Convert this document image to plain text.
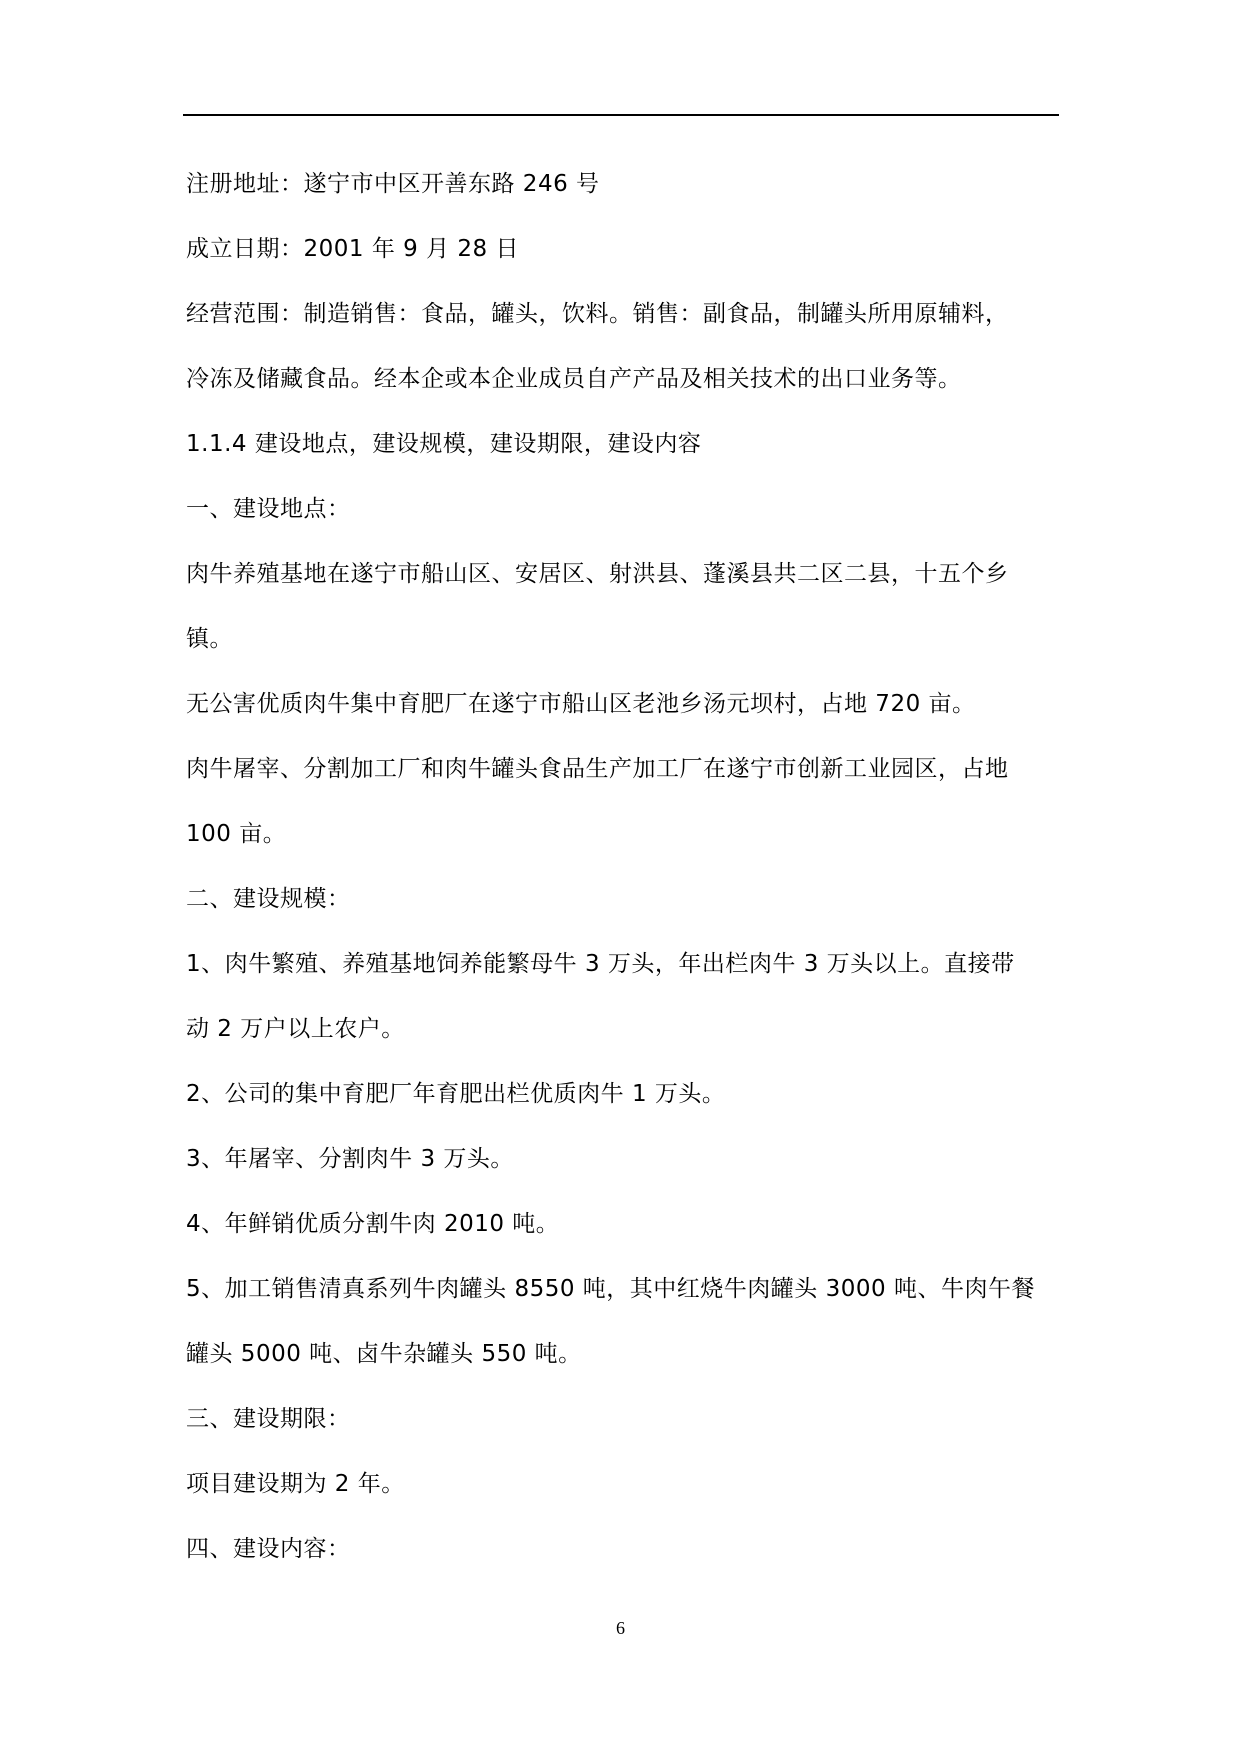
注册地址：遂宁市中区开善东路 246 号
成立日期：2001 年 9 月 28 日
经营范围：制造销售：食品，罐头，饮料。销售：副食品，制罐头所用原辅料，
冷冻及储藏食品。经本企或本企业成员自产产品及相关技术的出口业务等。
1.1.4 建设地点，建设规模，建设期限，建设内容
一、建设地点：
肉牛养殖基地在遂宁市船山区、安居区、射洪县、蓬溪县共二区二县，十五个乡
镇。
无公害优质肉牛集中育肥厂在遂宁市船山区老池乡汤元坝村，占地 720 亩。
肉牛屠宰、分割加工厂和肉牛罐头食品生产加工厂在遂宁市创新工业园区，占地
100 亩。
二、建设规模：
1、肉牛繁殖、养殖基地饲养能繁母牛 3 万头，年出栏肉牛 3 万头以上。直接带
动 2 万户以上农户。
2、公司的集中育肥厂年育肥出栏优质肉牛 1 万头。
3、年屠宰、分割肉牛 3 万头。
4、年鲜销优质分割牛肉 2010 吨。
5、加工销售清真系列牛肉罐头 8550 吨，其中红烧牛肉罐头 3000 吨、牛肉午餐
罐头 5000 吨、卤牛杂罐头 550 吨。
三、建设期限：
项目建设期为 2 年。
四、建设内容：
6
